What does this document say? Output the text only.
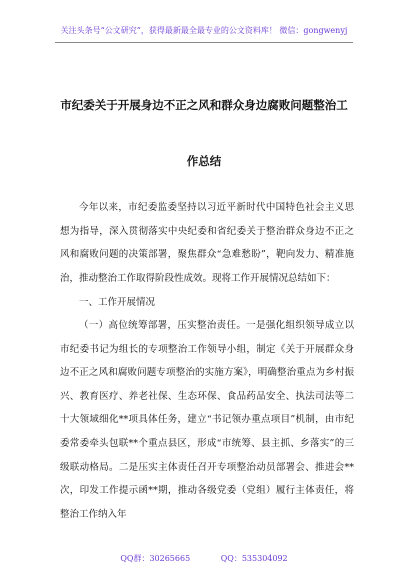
关注头条号“公文研究”，获得最新最全最专业的公文资料库！ 微信：gongwenyj
市纪委关于开展身边不正之风和群众身边腐败问题整治工
作总结

今年以来，市纪委监委坚持以习近平新时代中国特色社会主义思想为指导，深入贯彻落实中央纪委和省纪委关于整治群众身边不正之风和腐败问题的决策部署，聚焦群众“急难愁盼”，靶向发力、精准施治，推动整治工作取得阶段性成效。现将工作开展情况总结如下：

一、工作开展情况

（一）高位统筹部署，压实整治责任。一是强化组织领导成立以市纪委书记为组长的专项整治工作领导小组，制定《关于开展群众身边不正之风和腐败问题专项整治的实施方案》，明确整治重点为乡村振兴、教育医疗、养老社保、生态环保、食品药品安全、执法司法等二十大领域细化**项具体任务，建立“书记领办重点项目”机制，由市纪委常委牵头包联**个重点县区，形成“市统筹、县主抓、乡落实”的三级联动格局。二是压实主体责任召开专项整治动员部署会、推进会**次，印发工作提示函**期，推动各级党委（党组）履行主体责任，将整治工作纳入年

QQ群：30265665	QQ：535304092
